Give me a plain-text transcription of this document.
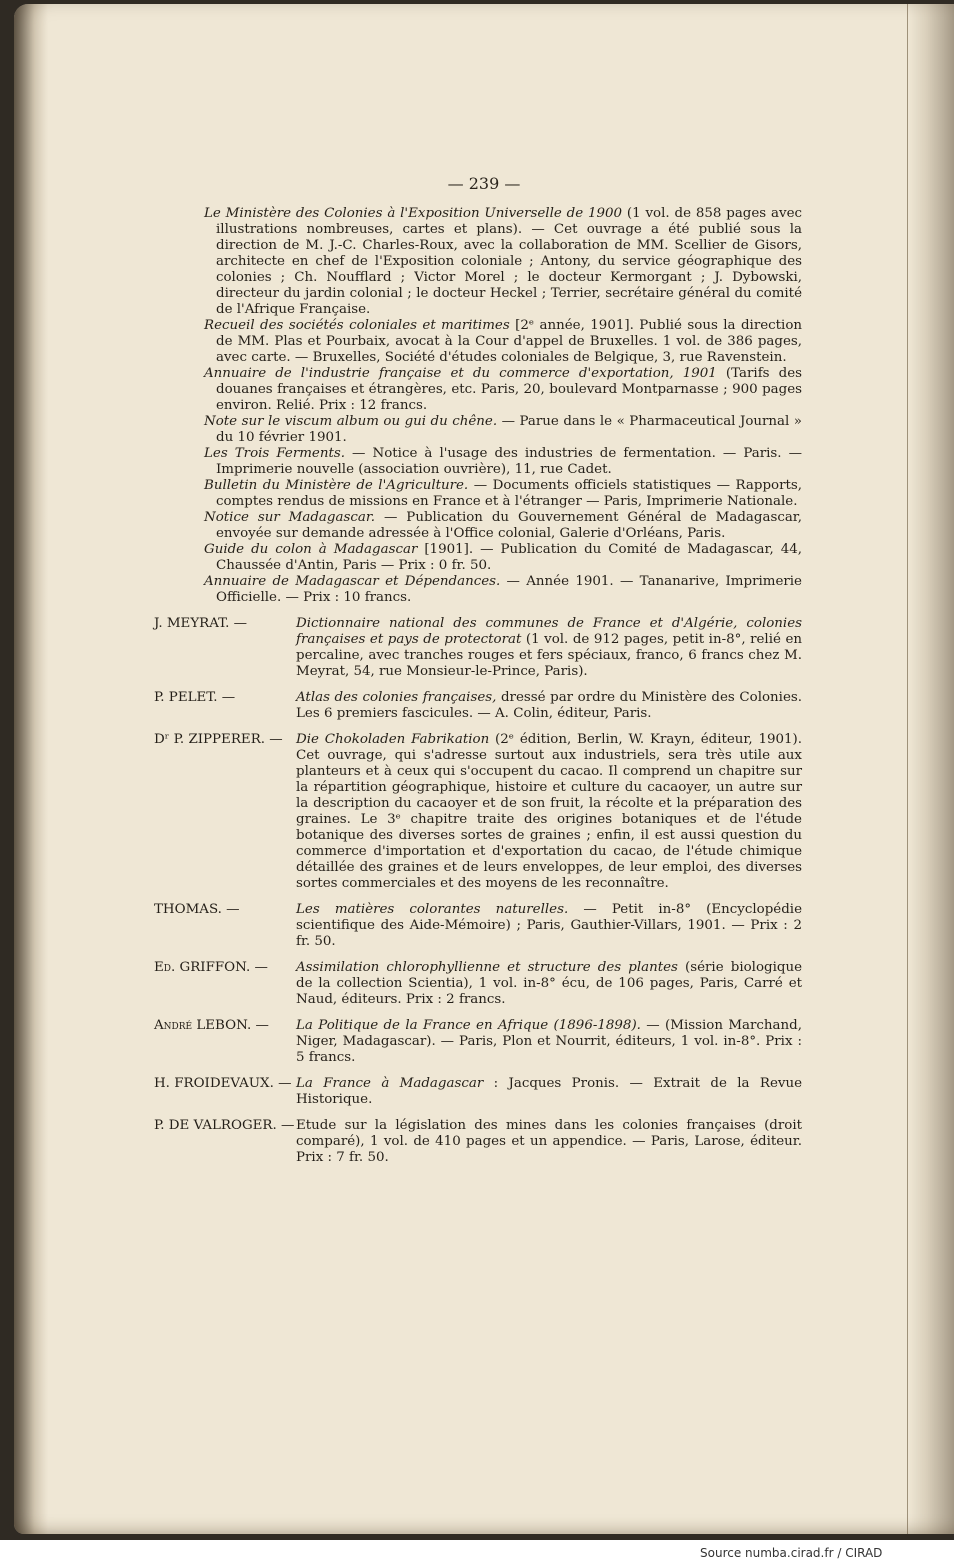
— 239 —
Le Ministère des Colonies à l'Exposition Universelle de 1900 (1 vol. de 858 pages avec illustrations nombreuses, cartes et plans). — Cet ouvrage a été publié sous la direction de M. J.-C. Charles-Roux, avec la collaboration de MM. Scellier de Gisors, architecte en chef de l'Exposition coloniale ; Antony, du service géographique des colonies ; Ch. Noufflard ; Victor Morel ; le docteur Kermorgant ; J. Dybowski, directeur du jardin colonial ; le docteur Heckel ; Terrier, secrétaire général du comité de l'Afrique Française.
Recueil des sociétés coloniales et maritimes [2ᵉ année, 1901]. Publié sous la direction de MM. Plas et Pourbaix, avocat à la Cour d'appel de Bruxelles. 1 vol. de 386 pages, avec carte. — Bruxelles, Société d'études coloniales de Belgique, 3, rue Ravenstein.
Annuaire de l'industrie française et du commerce d'exportation, 1901 (Tarifs des douanes françaises et étrangères, etc. Paris, 20, boulevard Montparnasse ; 900 pages environ. Relié. Prix : 12 francs.
Note sur le viscum album ou gui du chêne. — Parue dans le « Pharmaceutical Journal » du 10 février 1901.
Les Trois Ferments. — Notice à l'usage des industries de fermentation. — Paris. — Imprimerie nouvelle (association ouvrière), 11, rue Cadet.
Bulletin du Ministère de l'Agriculture. — Documents officiels statistiques — Rapports, comptes rendus de missions en France et à l'étranger — Paris, Imprimerie Nationale.
Notice sur Madagascar. — Publication du Gouvernement Général de Madagascar, envoyée sur demande adressée à l'Office colonial, Galerie d'Orléans, Paris.
Guide du colon à Madagascar [1901]. — Publication du Comité de Madagascar, 44, Chaussée d'Antin, Paris — Prix : 0 fr. 50.
Annuaire de Madagascar et Dépendances. — Année 1901. — Tananarive, Imprimerie Officielle. — Prix : 10 francs.
J. MEYRAT. —	Dictionnaire national des communes de France et d'Algérie, colonies françaises et pays de protectorat (1 vol. de 912 pages, petit in-8°, relié en percaline, avec tranches rouges et fers spéciaux, franco, 6 francs chez M. Meyrat, 54, rue Monsieur-le-Prince, Paris).
P. PELET. —	Atlas des colonies françaises, dressé par ordre du Ministère des Colonies. Les 6 premiers fascicules. — A. Colin, éditeur, Paris.
Dʳ P. ZIPPERER. — Die Chokoladen Fabrikation (2ᵉ édition, Berlin, W. Krayn, éditeur, 1901). Cet ouvrage, qui s'adresse surtout aux industriels, sera très utile aux planteurs et à ceux qui s'occupent du cacao. Il comprend un chapitre sur la répartition géographique, histoire et culture du cacaoyer, un autre sur la description du cacaoyer et de son fruit, la récolte et la préparation des graines. Le 3ᵉ chapitre traite des origines botaniques et de l'étude botanique des diverses sortes de graines ; enfin, il est aussi question du commerce d'importation et d'exportation du cacao, de l'étude chimique détaillée des graines et de leurs enveloppes, de leur emploi, des diverses sortes commerciales et des moyens de les reconnaître.
THOMAS. —	Les matières colorantes naturelles. — Petit in-8° (Encyclopédie scientifique des Aide-Mémoire) ; Paris, Gauthier-Villars, 1901. — Prix : 2 fr. 50.
Ed. GRIFFON. — Assimilation chlorophyllienne et structure des plantes (série biologique de la collection Scientia), 1 vol. in-8° écu, de 106 pages, Paris, Carré et Naud, éditeurs. Prix : 2 francs.
André LEBON. — La Politique de la France en Afrique (1896-1898). — (Mission Marchand, Niger, Madagascar). — Paris, Plon et Nourrit, éditeurs, 1 vol. in-8°. Prix : 5 francs.
H. FROIDEVAUX. — La France à Madagascar : Jacques Pronis. — Extrait de la Revue Historique.
P. DE VALROGER. — Etude sur la législation des mines dans les colonies françaises (droit comparé), 1 vol. de 410 pages et un appendice. — Paris, Larose, éditeur. Prix : 7 fr. 50.
Source numba.cirad.fr / CIRAD
